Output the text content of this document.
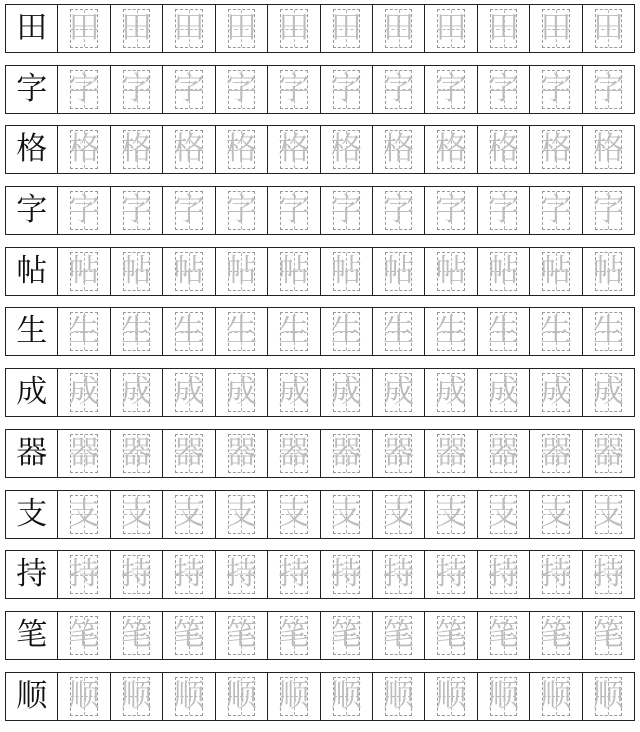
田 田 田 田 田 田 田 田 田 田 田 田
字 字 字 字 字 字 字 字 字 字 字 字
格 格 格 格 格 格 格 格 格 格 格 格
字 字 字 字 字 字 字 字 字 字 字 字
帖 帖 帖 帖 帖 帖 帖 帖 帖 帖 帖 帖
生 生 生 生 生 生 生 生 生 生 生 生
成 成 成 成 成 成 成 成 成 成 成 成
器 器 器 器 器 器 器 器 器 器 器 器
支 支 支 支 支 支 支 支 支 支 支 支
持 持 持 持 持 持 持 持 持 持 持 持
笔 笔 笔 笔 笔 笔 笔 笔 笔 笔 笔 笔
顺 顺 顺 顺 顺 顺 顺 顺 顺 顺 顺 顺
